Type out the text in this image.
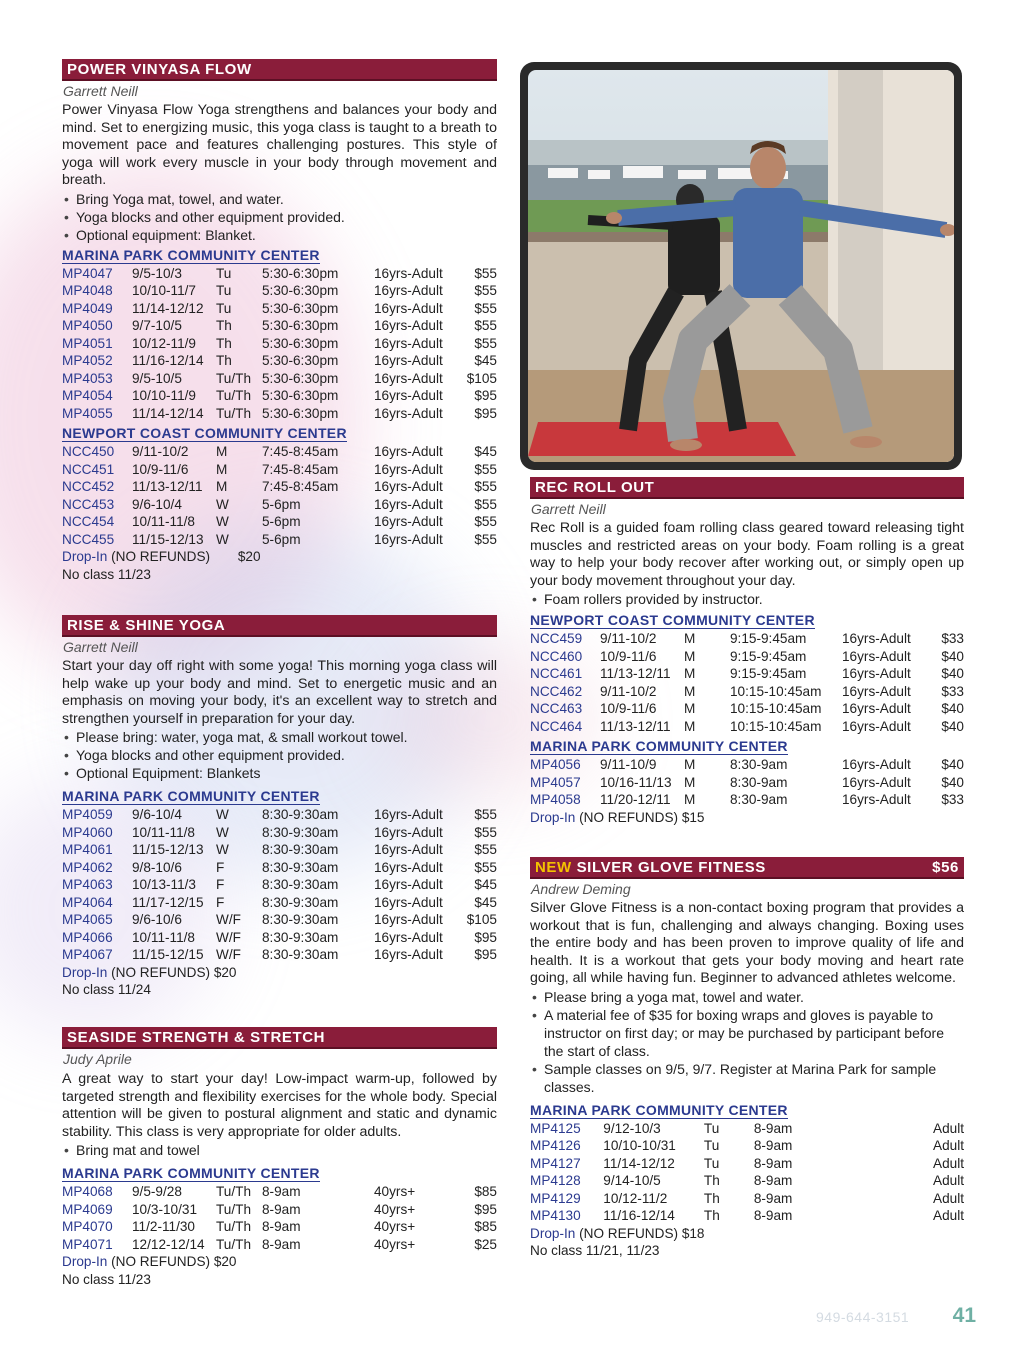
POWER VINYASA FLOW
Garrett Neill

Power Vinyasa Flow Yoga strengthens and balances your body and mind. Set to energizing music, this yoga class is taught to a breath to movement pace and features challenging postures. This style of yoga will work every muscle in your body through movement and breath.

• Bring Yoga mat, towel, and water.
• Yoga blocks and other equipment provided.
• Optional equipment: Blanket.
MARINA PARK COMMUNITY CENTER
MP4047	9/5-10/3	Tu	5:30-6:30pm	16yrs-Adult	$55
MP4048	10/10-11/7	Tu	5:30-6:30pm	16yrs-Adult	$55
MP4049	11/14-12/12	Tu	5:30-6:30pm	16yrs-Adult	$55
MP4050	9/7-10/5	Th	5:30-6:30pm	16yrs-Adult	$55
MP4051	10/12-11/9	Th	5:30-6:30pm	16yrs-Adult	$55
MP4052	11/16-12/14	Th	5:30-6:30pm	16yrs-Adult	$45
MP4053	9/5-10/5	Tu/Th	5:30-6:30pm	16yrs-Adult	$105
MP4054	10/10-11/9	Tu/Th	5:30-6:30pm	16yrs-Adult	$95
MP4055	11/14-12/14	Tu/Th	5:30-6:30pm	16yrs-Adult	$95
NEWPORT COAST COMMUNITY CENTER
NCC450	9/11-10/2	M	7:45-8:45am	16yrs-Adult	$45
NCC451	10/9-11/6	M	7:45-8:45am	16yrs-Adult	$55
NCC452	11/13-12/11	M	7:45-8:45am	16yrs-Adult	$55
NCC453	9/6-10/4	W	5-6pm	16yrs-Adult	$55
NCC454	10/11-11/8	W	5-6pm	16yrs-Adult	$55
NCC455	11/15-12/13	W	5-6pm	16yrs-Adult	$55
Drop-In (NO REFUNDS) $20
No class 11/23
RISE & SHINE YOGA
Garrett Neill

Start your day off right with some yoga! This morning yoga class will help wake up your body and mind. Set to energetic music and an emphasis on moving your body, it's an excellent way to stretch and strengthen yourself in preparation for your day.

• Please bring: water, yoga mat, & small workout towel.
• Yoga blocks and other equipment provided.
• Optional Equipment: Blankets
MARINA PARK COMMUNITY CENTER
MP4059	9/6-10/4	W	8:30-9:30am	16yrs-Adult	$55
MP4060	10/11-11/8	W	8:30-9:30am	16yrs-Adult	$55
MP4061	11/15-12/13	W	8:30-9:30am	16yrs-Adult	$55
MP4062	9/8-10/6	F	8:30-9:30am	16yrs-Adult	$55
MP4063	10/13-11/3	F	8:30-9:30am	16yrs-Adult	$45
MP4064	11/17-12/15	F	8:30-9:30am	16yrs-Adult	$45
MP4065	9/6-10/6	W/F	8:30-9:30am	16yrs-Adult	$105
MP4066	10/11-11/8	W/F	8:30-9:30am	16yrs-Adult	$95
MP4067	11/15-12/15	W/F	8:30-9:30am	16yrs-Adult	$95
Drop-In (NO REFUNDS) $20
No class 11/24
SEASIDE STRENGTH & STRETCH
Judy Aprile

A great way to start your day! Low-impact warm-up, followed by targeted strength and flexibility exercises for the whole body. Special attention will be given to postural alignment and static and dynamic stability. This class is very appropriate for older adults.

• Bring mat and towel
MARINA PARK COMMUNITY CENTER
MP4068	9/5-9/28	Tu/Th	8-9am	40yrs+	$85
MP4069	10/3-10/31	Tu/Th	8-9am	40yrs+	$95
MP4070	11/2-11/30	Tu/Th	8-9am	40yrs+	$85
MP4071	12/12-12/14	Tu/Th	8-9am	40yrs+	$25
Drop-In (NO REFUNDS) $20
No class 11/23
REC ROLL OUT
Garrett Neill

Rec Roll is a guided foam rolling class geared toward releasing tight muscles and restricted areas on your body. Foam rolling is a great way to help your body recover after working out, or simply open up your body movement throughout your day.

• Foam rollers provided by instructor.
NEWPORT COAST COMMUNITY CENTER
NCC459	9/11-10/2	M	9:15-9:45am	16yrs-Adult	$33
NCC460	10/9-11/6	M	9:15-9:45am	16yrs-Adult	$40
NCC461	11/13-12/11	M	9:15-9:45am	16yrs-Adult	$40
NCC462	9/11-10/2	M	10:15-10:45am	16yrs-Adult	$33
NCC463	10/9-11/6	M	10:15-10:45am	16yrs-Adult	$40
NCC464	11/13-12/11	M	10:15-10:45am	16yrs-Adult	$40
MARINA PARK COMMUNITY CENTER
MP4056	9/11-10/9	M	8:30-9am	16yrs-Adult	$40
MP4057	10/16-11/13	M	8:30-9am	16yrs-Adult	$40
MP4058	11/20-12/11	M	8:30-9am	16yrs-Adult	$33
Drop-In (NO REFUNDS) $15
NEW SILVER GLOVE FITNESS	$56
Andrew Deming

Silver Glove Fitness is a non-contact boxing program that provides a workout that is fun, challenging and always changing. Boxing uses the entire body and has been proven to improve quality of life and health. It is a workout that gets your body moving and heart rate going, all while having fun. Beginner to advanced athletes welcome.

• Please bring a yoga mat, towel and water.
• A material fee of $35 for boxing wraps and gloves is payable to instructor on first day; or may be purchased by participant before the start of class.
• Sample classes on 9/5, 9/7. Register at Marina Park for sample classes.
MARINA PARK COMMUNITY CENTER
MP4125	9/12-10/3	Tu	8-9am	Adult
MP4126	10/10-10/31	Tu	8-9am	Adult
MP4127	11/14-12/12	Tu	8-9am	Adult
MP4128	9/14-10/5	Th	8-9am	Adult
MP4129	10/12-11/2	Th	8-9am	Adult
MP4130	11/16-12/14	Th	8-9am	Adult
Drop-In (NO REFUNDS) $18
No class 11/21, 11/23
949-644-3151 41
